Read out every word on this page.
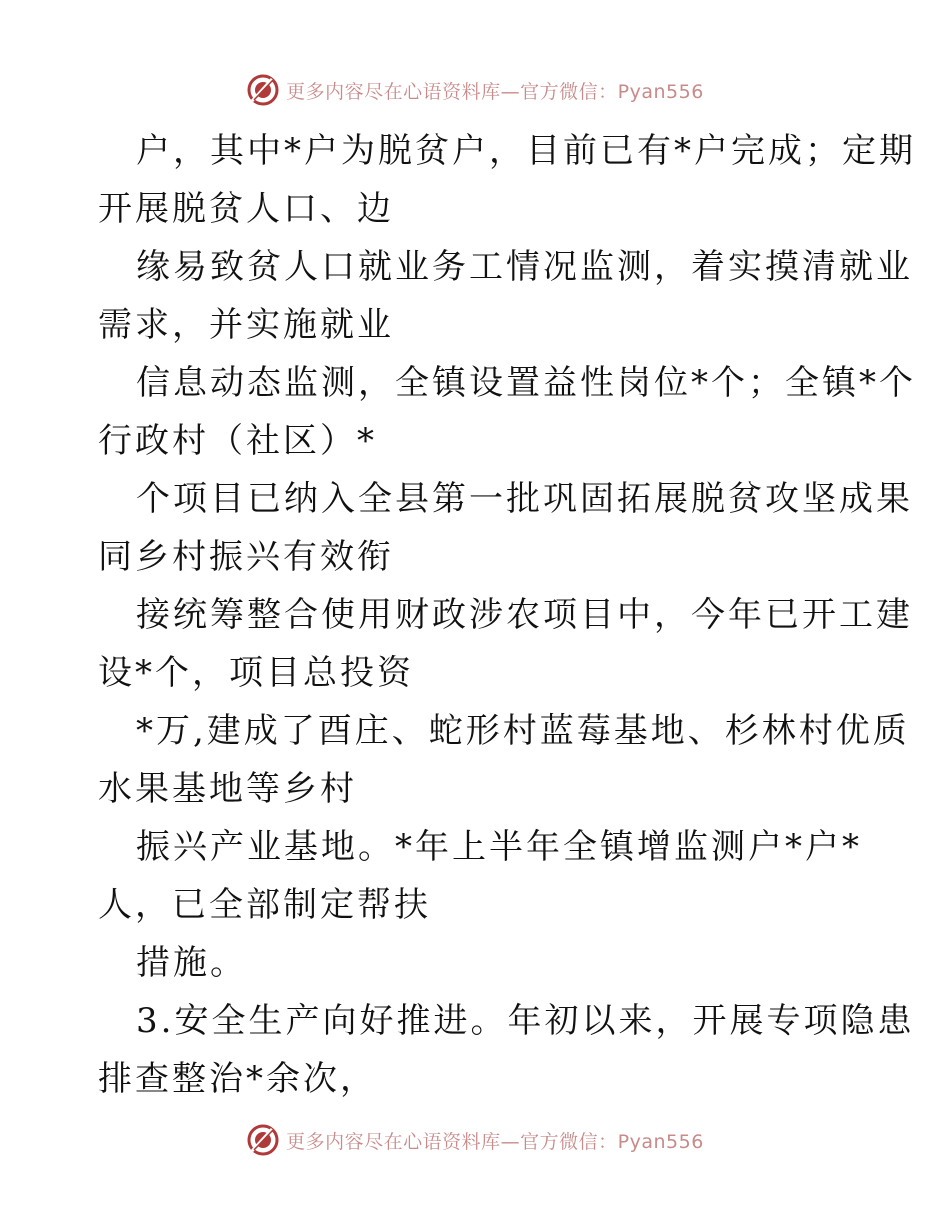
更多内容尽在心语资料库—官方微信：Pyan556

户，其中*户为脱贫户，目前已有*户完成；定期
开展脱贫人口、边

缘易致贫人口就业务工情况监测，着实摸清就业
需求，并实施就业

信息动态监测，全镇设置益性岗位*个；全镇*个
行政村（社区）*

个项目已纳入全县第一批巩固拓展脱贫攻坚成果
同乡村振兴有效衔

接统筹整合使用财政涉农项目中，今年已开工建
设*个，项目总投资

*万,建成了酉庄、蛇形村蓝莓基地、杉林村优质
水果基地等乡村

振兴产业基地。*年上半年全镇增监测户*户*
人，已全部制定帮扶

措施。

3.安全生产向好推进。年初以来，开展专项隐患
排查整治*余次，

更多内容尽在心语资料库—官方微信：Pyan556
